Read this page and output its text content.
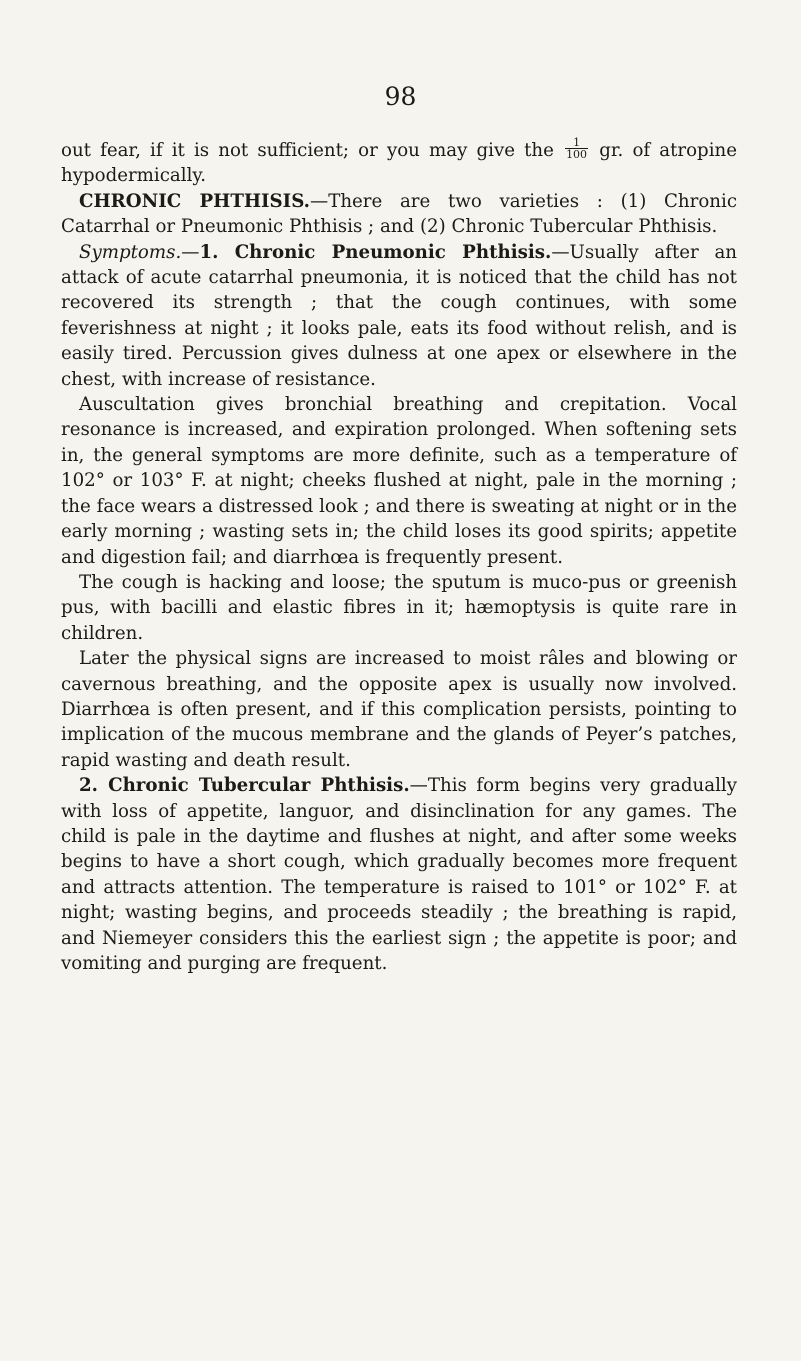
98

out fear, if it is not sufficient; or you may give the $\frac{1}{100}$ gr. of atropine hypodermically.

CHRONIC PHTHISIS.—There are two varieties : (1) Chronic Catarrhal or Pneumonic Phthisis ; and (2) Chronic Tubercular Phthisis.

Symptoms.—1. Chronic Pneumonic Phthisis.—Usually after an attack of acute catarrhal pneumonia, it is noticed that the child has not recovered its strength ; that the cough continues, with some feverishness at night ; it looks pale, eats its food without relish, and is easily tired. Percussion gives dulness at one apex or elsewhere in the chest, with increase of resistance.

Auscultation gives bronchial breathing and crepitation. Vocal resonance is increased, and expiration prolonged. When softening sets in, the general symptoms are more definite, such as a temperature of 102° or 103° F. at night; cheeks flushed at night, pale in the morning ; the face wears a distressed look ; and there is sweating at night or in the early morning ; wasting sets in; the child loses its good spirits; appetite and digestion fail; and diarrhœa is frequently present.

The cough is hacking and loose; the sputum is muco-pus or greenish pus, with bacilli and elastic fibres in it; hæmoptysis is quite rare in children.

Later the physical signs are increased to moist râles and blowing or cavernous breathing, and the opposite apex is usually now involved. Diarrhœa is often present, and if this complication persists, pointing to implication of the mucous membrane and the glands of Peyer’s patches, rapid wasting and death result.

2. Chronic Tubercular Phthisis.—This form begins very gradually with loss of appetite, languor, and disinclination for any games. The child is pale in the daytime and flushes at night, and after some weeks begins to have a short cough, which gradually becomes more frequent and attracts attention. The temperature is raised to 101° or 102° F. at night; wasting begins, and proceeds steadily ; the breathing is rapid, and Niemeyer considers this the earliest sign ; the appetite is poor; and vomiting and purging are frequent.
